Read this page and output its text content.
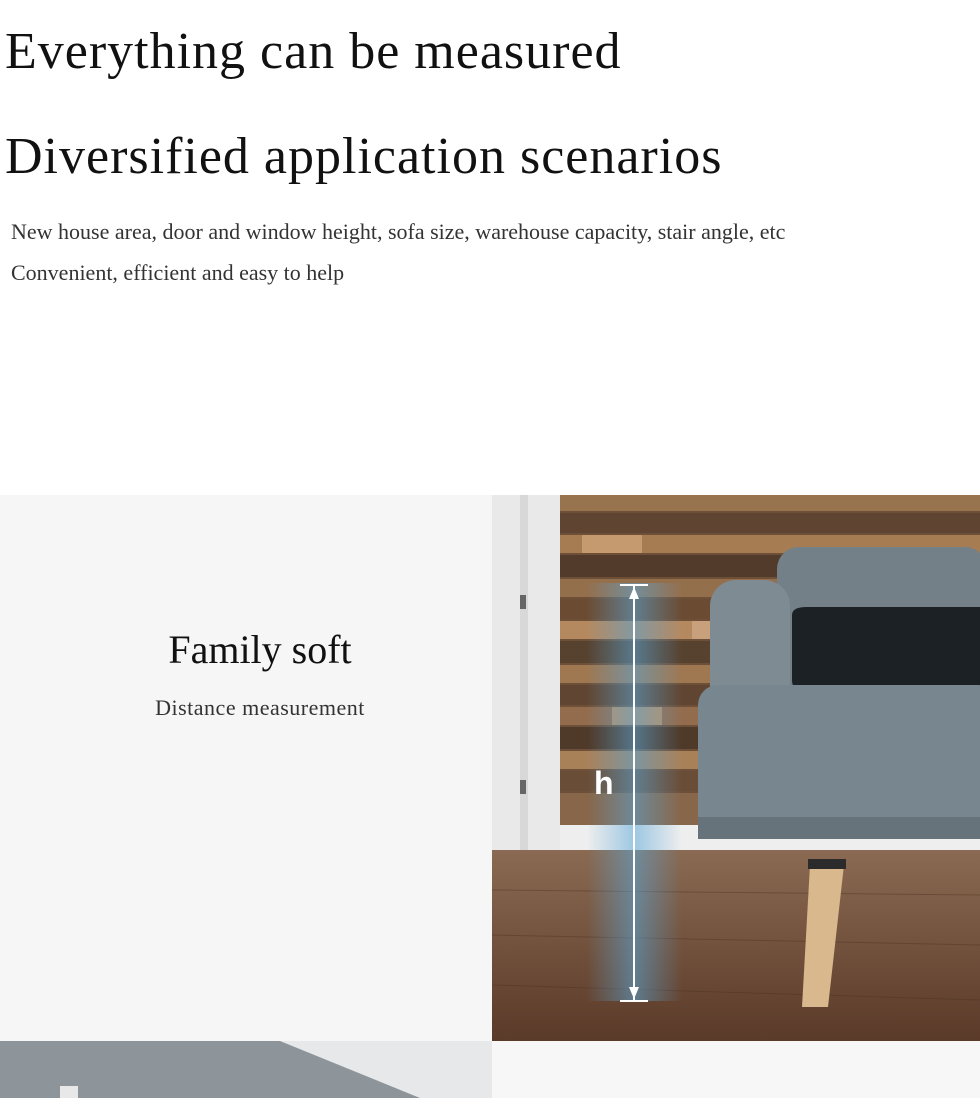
Everything can be measured
Diversified application scenarios

New house area, door and window height, sofa size, warehouse capacity, stair angle, etc

Convenient, efficient and easy to help

Family soft

Distance measurement

h
